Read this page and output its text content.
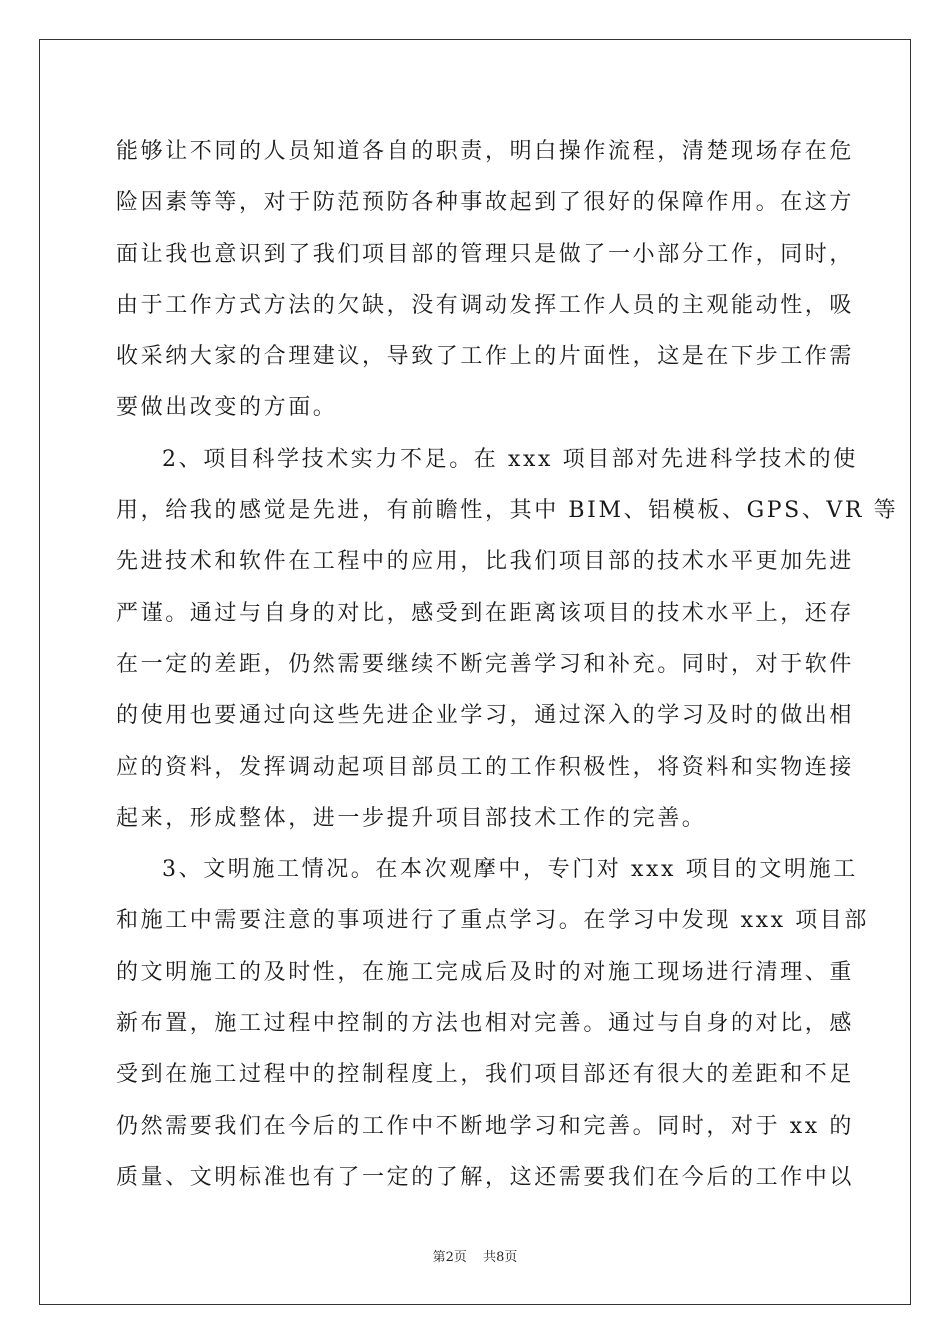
能够让不同的人员知道各自的职责，明白操作流程，清楚现场存在危
险因素等等，对于防范预防各种事故起到了很好的保障作用。在这方
面让我也意识到了我们项目部的管理只是做了一小部分工作，同时，
由于工作方式方法的欠缺，没有调动发挥工作人员的主观能动性，吸
收采纳大家的合理建议，导致了工作上的片面性，这是在下步工作需
要做出改变的方面。
2、项目科学技术实力不足。在 xxx 项目部对先进科学技术的使
用，给我的感觉是先进，有前瞻性，其中 BIM、铝模板、GPS、VR 等
先进技术和软件在工程中的应用，比我们项目部的技术水平更加先进
严谨。通过与自身的对比，感受到在距离该项目的技术水平上，还存
在一定的差距，仍然需要继续不断完善学习和补充。同时，对于软件
的使用也要通过向这些先进企业学习，通过深入的学习及时的做出相
应的资料，发挥调动起项目部员工的工作积极性，将资料和实物连接
起来，形成整体，进一步提升项目部技术工作的完善。
3、文明施工情况。在本次观摩中，专门对 xxx 项目的文明施工
和施工中需要注意的事项进行了重点学习。在学习中发现 xxx 项目部
的文明施工的及时性，在施工完成后及时的对施工现场进行清理、重
新布置，施工过程中控制的方法也相对完善。通过与自身的对比，感
受到在施工过程中的控制程度上，我们项目部还有很大的差距和不足
仍然需要我们在今后的工作中不断地学习和完善。同时，对于 xx 的
质量、文明标准也有了一定的了解，这还需要我们在今后的工作中以
第2页 共8页
